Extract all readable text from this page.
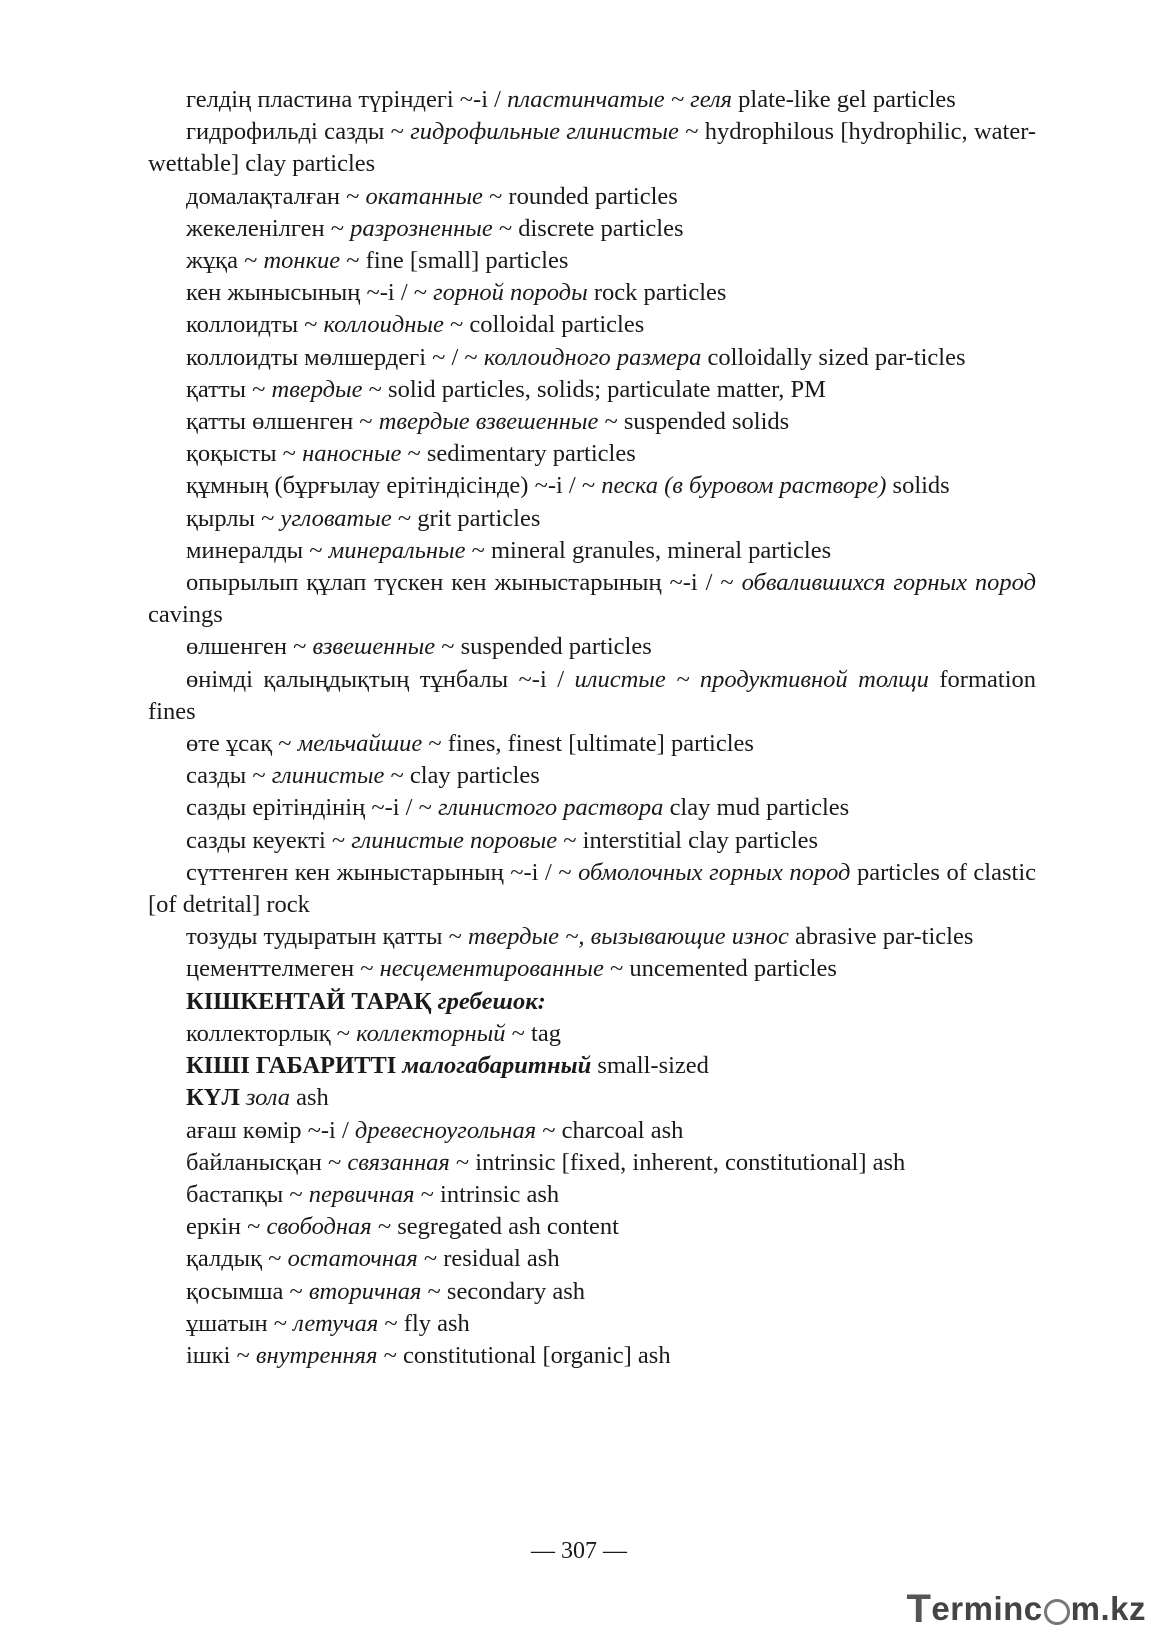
гелдің пластина түріндегі ~-і / пластинчатые ~ геля plate-like gel particles

гидрофильді сазды ~ гидрофильные глинистые ~ hydrophilous [hydrophilic, water-wettable] clay particles

домалақталған ~ окатанные ~ rounded particles

жекеленілген ~ разрозненные ~ discrete particles

жұқа ~ тонкие ~ fine [small] particles

кен жынысының ~-і / ~ горной породы rock particles

коллоидты ~ коллоидные ~ colloidal particles

коллоидты мөлшердегі ~ / ~ коллоидного размера colloidally sized par-ticles

қатты ~ твердые ~ solid particles, solids; particulate matter, PM

қатты өлшенген ~ твердые взвешенные ~ suspended solids

қоқысты ~ наносные ~ sedimentary particles

құмның (бұрғылау ерітіндісінде) ~-і / ~ песка (в буровом растворе) solids

қырлы ~ угловатые ~ grit particles

минералды ~ минеральные ~ mineral granules, mineral particles

опырылып құлап түскен кен жыныстарының ~-і / ~ обвалившихся горных пород cavings

өлшенген ~ взвешенные ~ suspended particles

өнімді қалыңдықтың тұнбалы ~-і / илистые ~ продуктивной толщи formation fines

өте ұсақ ~ мельчайшие ~ fines, finest [ultimate] particles

сазды ~ глинистые ~ clay particles

сазды ерітіндінің ~-і / ~ глинистого раствора clay mud particles

сазды кеуекті ~ глинистые поровые ~ interstitial clay particles

сүттенген кен жыныстарының ~-і / ~ обмолочных горных пород particles of clastic [of detrital] rock

тозуды тудыратын қатты ~ твердые ~, вызывающие износ abrasive par-ticles

цементтелмеген ~ несцементированные ~ uncemented particles

КІШКЕНТАЙ ТАРАҚ гребешок:

коллекторлық ~ коллекторный ~ tag

КІШІ ГАБАРИТТІ малогабаритный small-sized

КҮЛ зола ash

ағаш көмір ~-і / древесноугольная ~ charcoal ash

байланысқан ~ связанная ~ intrinsic [fixed, inherent, constitutional] ash

бастапқы ~ первичная ~ intrinsic ash

еркін ~ свободная ~ segregated ash content

қалдық ~ остаточная ~ residual ash

қосымша ~ вторичная ~ secondary ash

ұшатын ~ летучая ~ fly ash

ішкі ~ внутренняя ~ constitutional [organic] ash

— 307 —
T erminc m.kz
